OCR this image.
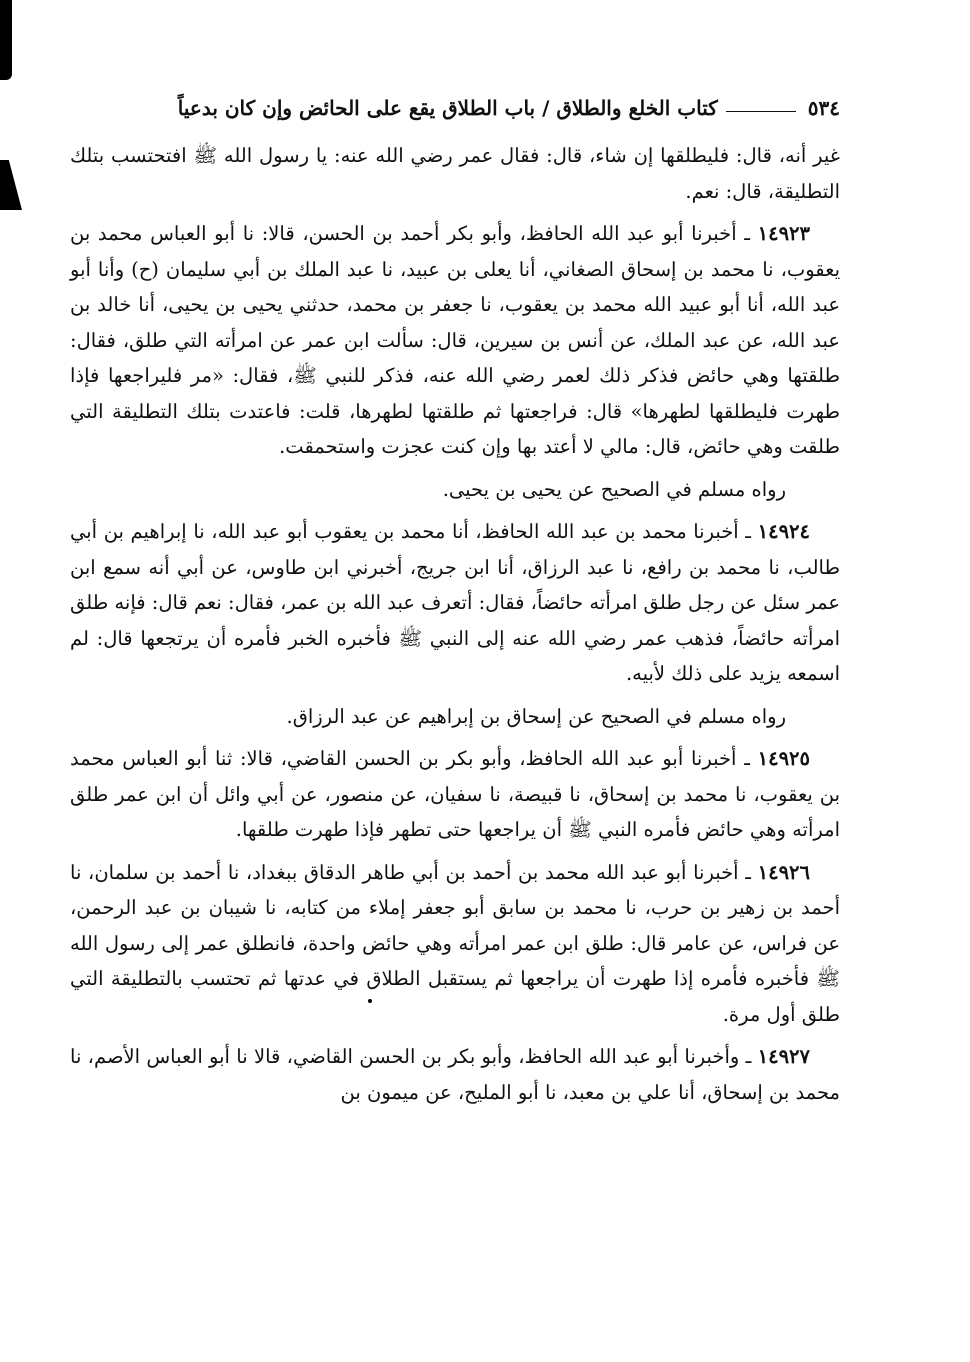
٥٣٤
كتاب الخلع والطلاق / باب الطلاق يقع على الحائض وإن كان بدعياً

غير أنه، قال: فليطلقها إن شاء، قال: فقال عمر رضي الله عنه: يا رسول الله ﷺ افتحتسب بتلك التطليقة، قال: نعم.

١٤٩٢٣ ـ أخبرنا أبو عبد الله الحافظ، وأبو بكر أحمد بن الحسن، قالا: نا أبو العباس محمد بن يعقوب، نا محمد بن إسحاق الصغاني، أنا يعلى بن عبيد، نا عبد الملك بن أبي سليمان (ح) وأنا أبو عبد الله، أنا أبو عبيد الله محمد بن يعقوب، نا جعفر بن محمد، حدثني يحيى بن يحيى، أنا خالد بن عبد الله، عن عبد الملك، عن أنس بن سيرين، قال: سألت ابن عمر عن امرأته التي طلق، فقال: طلقتها وهي حائض فذكر ذلك لعمر رضي الله عنه، فذكر للنبي ﷺ، فقال: «مر فليراجعها فإذا طهرت فليطلقها لطهرها» قال: فراجعتها ثم طلقتها لطهرها، قلت: فاعتدت بتلك التطليقة التي طلقت وهي حائض، قال: مالي لا أعتد بها وإن كنت عجزت واستحمقت.

رواه مسلم في الصحيح عن يحيى بن يحيى.

١٤٩٢٤ ـ أخبرنا محمد بن عبد الله الحافظ، أنا محمد بن يعقوب أبو عبد الله، نا إبراهيم بن أبي طالب، نا محمد بن رافع، نا عبد الرزاق، أنا ابن جريج، أخبرني ابن طاوس، عن أبي أنه سمع ابن عمر سئل عن رجل طلق امرأته حائضاً، فقال: أتعرف عبد الله بن عمر، فقال: نعم قال: فإنه طلق امرأته حائضاً، فذهب عمر رضي الله عنه إلى النبي ﷺ فأخبره الخبر فأمره أن يرتجعها قال: لم اسمعه يزيد على ذلك لأبيه.

رواه مسلم في الصحيح عن إسحاق بن إبراهيم عن عبد الرزاق.

١٤٩٢٥ ـ أخبرنا أبو عبد الله الحافظ، وأبو بكر بن الحسن القاضي، قالا: ثنا أبو العباس محمد بن يعقوب، نا محمد بن إسحاق، نا قبيصة، نا سفيان، عن منصور، عن أبي وائل أن ابن عمر طلق امرأته وهي حائض فأمره النبي ﷺ أن يراجعها حتى تطهر فإذا طهرت طلقها.

١٤٩٢٦ ـ أخبرنا أبو عبد الله محمد بن أحمد بن أبي طاهر الدقاق ببغداد، نا أحمد بن سلمان، نا أحمد بن زهير بن حرب، نا محمد بن سابق أبو جعفر إملاء من كتابه، نا شيبان بن عبد الرحمن، عن فراس، عن عامر قال: طلق ابن عمر امرأته وهي حائض واحدة، فانطلق عمر إلى رسول الله ﷺ فأخبره فأمره إذا طهرت أن يراجعها ثم يستقبل الطلاق في عدتها ثم تحتسب بالتطليقة التي طلق أول مرة.

١٤٩٢٧ ـ وأخبرنا أبو عبد الله الحافظ، وأبو بكر بن الحسن القاضي، قالا نا أبو العباس الأصم، نا محمد بن إسحاق، أنا علي بن معبد، نا أبو المليح، عن ميمون بن
